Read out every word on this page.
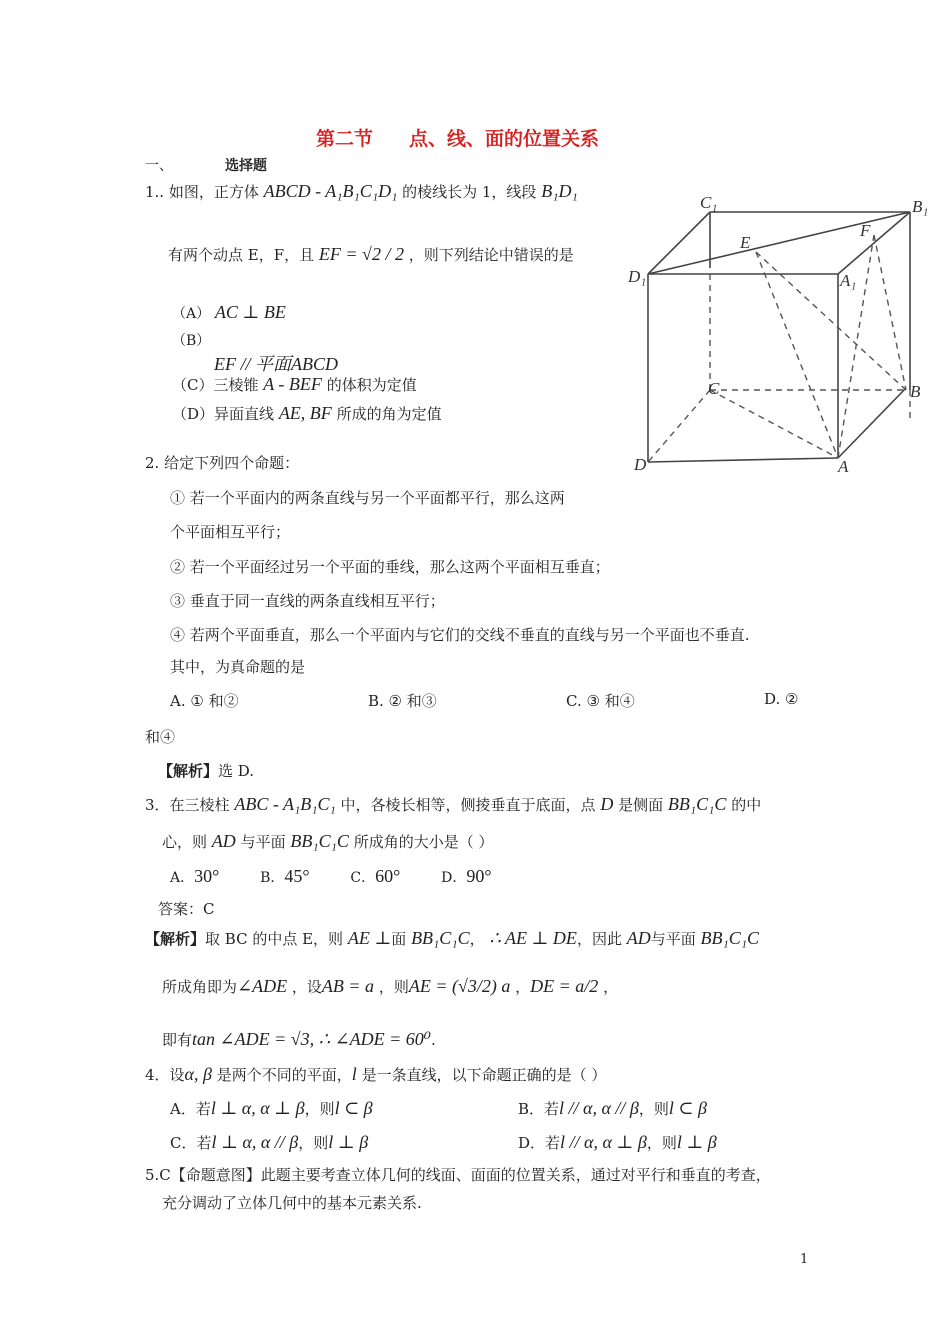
第二节 点、线、面的位置关系
一、	选择题
1.. 如图，正方体 ABCD - A₁B₁C₁D₁ 的棱线长为 1，线段 B₁D₁
有两个动点 E，F，且 EF = √2 / 2 ，则下列结论中错误的是
（A） AC ⊥ BE
（B）
EF // 平面ABCD
（C）三棱锥 A - BEF 的体积为定值
（D）异面直线 AE, BF 所成的角为定值
C₁	B₁
E
F
D₁	A₁
C	B
D	A
2. 给定下列四个命题：
① 若一个平面内的两条直线与另一个平面都平行，那么这两
个平面相互平行；
② 若一个平面经过另一个平面的垂线，那么这两个平面相互垂直；
③ 垂直于同一直线的两条直线相互平行；
④ 若两个平面垂直，那么一个平面内与它们的交线不垂直的直线与另一个平面也不垂直.
其中，为真命题的是
A. ① 和②	B. ② 和③	C. ③ 和④	D. ②
和④
【解析】选 D.
3．在三棱柱 ABC - A₁B₁C₁ 中，各棱长相等，侧掕垂直于底面，点 D 是侧面 BB₁C₁C 的中
心，则 AD 与平面 BB₁C₁C 所成角的大小是（ ）
A．30°	B．45°	C．60°	D．90°
答案：C
【解析】取 BC 的中点 E，则 AE ⊥面 BB₁C₁C， ∴ AE ⊥ DE，因此 AD与平面 BB₁C₁C
所成角即为∠ADE ，设AB = a ，则AE = (√3/2) a ，DE = a/2 ，
即有tan ∠ADE = √3, ∴ ∠ADE = 60⁰.
4．设α, β 是两个不同的平面，l 是一条直线，以下命题正确的是（ ）
A．若l ⊥ α, α ⊥ β，则l ⊂ β	B．若l // α, α // β，则l ⊂ β
C．若l ⊥ α, α // β，则l ⊥ β	D．若l // α, α ⊥ β，则l ⊥ β
5.C【命题意图】此题主要考查立体几何的线面、面面的位置关系，通过对平行和垂直的考查，
充分调动了立体几何中的基本元素关系.
1
